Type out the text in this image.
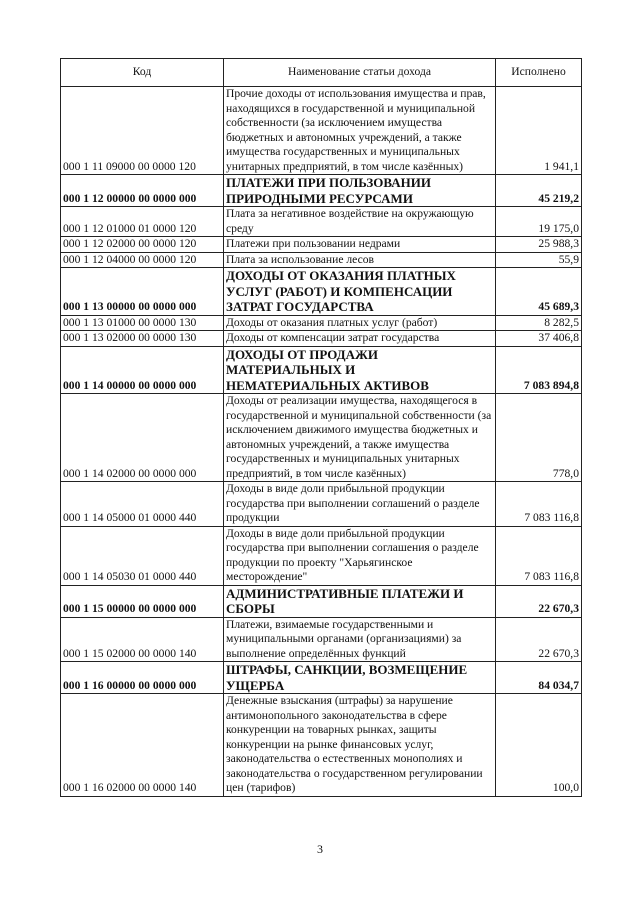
Код	Наименование статьи дохода	Исполнено
000 1 11 09000 00 0000 120	Прочие доходы от использования имущества и прав, находящихся в государственной и муниципальной собственности (за исключением имущества бюджетных и автономных учреждений, а также имущества государственных и муниципальных унитарных предприятий, в том числе казённых)	1 941,1
000 1 12 00000 00 0000 000	ПЛАТЕЖИ ПРИ ПОЛЬЗОВАНИИ ПРИРОДНЫМИ РЕСУРСАМИ	45 219,2
000 1 12 01000 01 0000 120	Плата за негативное воздействие на окружающую среду	19 175,0
000 1 12 02000 00 0000 120	Платежи при пользовании недрами	25 988,3
000 1 12 04000 00 0000 120	Плата за использование лесов	55,9
000 1 13 00000 00 0000 000	ДОХОДЫ ОТ ОКАЗАНИЯ ПЛАТНЫХ УСЛУГ (РАБОТ) И КОМПЕНСАЦИИ ЗАТРАТ ГОСУДАРСТВА	45 689,3
000 1 13 01000 00 0000 130	Доходы от оказания платных услуг (работ)	8 282,5
000 1 13 02000 00 0000 130	Доходы от компенсации затрат государства	37 406,8
000 1 14 00000 00 0000 000	ДОХОДЫ ОТ ПРОДАЖИ МАТЕРИАЛЬНЫХ И НЕМАТЕРИАЛЬНЫХ АКТИВОВ	7 083 894,8
000 1 14 02000 00 0000 000	Доходы от реализации имущества, находящегося в государственной и муниципальной собственности (за исключением движимого имущества бюджетных и автономных учреждений, а также имущества государственных и муниципальных унитарных предприятий, в том числе казённых)	778,0
000 1 14 05000 01 0000 440	Доходы в виде доли прибыльной продукции государства при выполнении соглашений о разделе продукции	7 083 116,8
000 1 14 05030 01 0000 440	Доходы в виде доли прибыльной продукции государства при выполнении соглашения о разделе продукции по проекту "Харьягинское месторождение"	7 083 116,8
000 1 15 00000 00 0000 000	АДМИНИСТРАТИВНЫЕ ПЛАТЕЖИ И СБОРЫ	22 670,3
000 1 15 02000 00 0000 140	Платежи, взимаемые государственными и муниципальными органами (организациями) за выполнение определённых функций	22 670,3
000 1 16 00000 00 0000 000	ШТРАФЫ, САНКЦИИ, ВОЗМЕЩЕНИЕ УЩЕРБА	84 034,7
000 1 16 02000 00 0000 140	Денежные взыскания (штрафы) за нарушение антимонопольного законодательства в сфере конкуренции на товарных рынках, защиты конкуренции на рынке финансовых услуг, законодательства о естественных монополиях и законодательства о государственном регулировании цен (тарифов)	100,0
3
